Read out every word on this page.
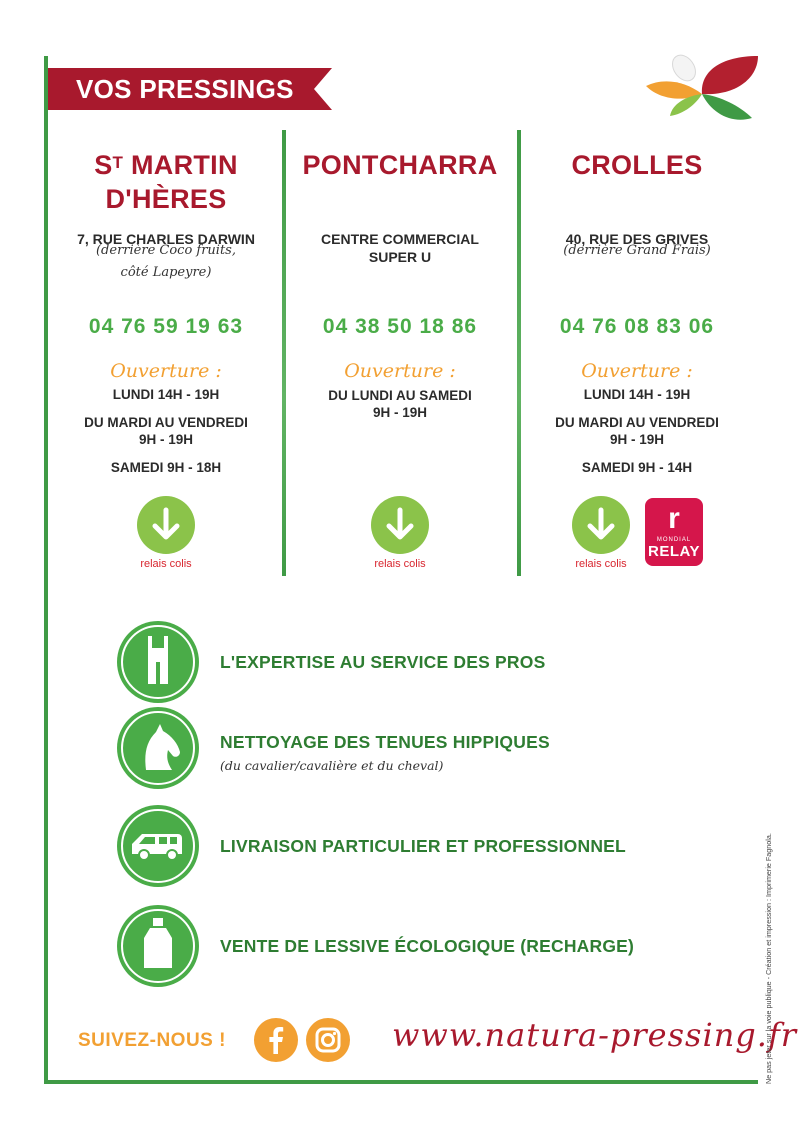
VOS PRESSINGS
$S^T$ MARTIN
D'HÈRES
7, RUE CHARLES DARWIN
(derrière Coco fruits,
côté Lapeyre)
04 76 59 19 63
Ouverture :
LUNDI 14H - 19H
DU MARDI AU VENDREDI
9H - 19H
SAMEDI 9H - 18H
relais colis
PONTCHARRA
CENTRE COMMERCIAL
SUPER U
04 38 50 18 86
Ouverture :
DU LUNDI AU SAMEDI
9H - 19H
relais colis
CROLLES
40, RUE DES GRIVES
(derrière Grand Frais)
04 76 08 83 06
Ouverture :
LUNDI 14H - 19H
DU MARDI AU VENDREDI
9H - 19H
SAMEDI 9H - 14H
relais colis
r
MONDIAL
RELAY
L'EXPERTISE AU SERVICE DES PROS
NETTOYAGE DES TENUES HIPPIQUES
(du cavalier/cavalière et du cheval)
LIVRAISON PARTICULIER ET PROFESSIONNEL
VENTE DE LESSIVE ÉCOLOGIQUE (RECHARGE)
SUIVEZ-NOUS !	www.natura-pressing.fr
Ne pas jeter sur la voie publique - Création et impression : Imprimerie Fagnola.
